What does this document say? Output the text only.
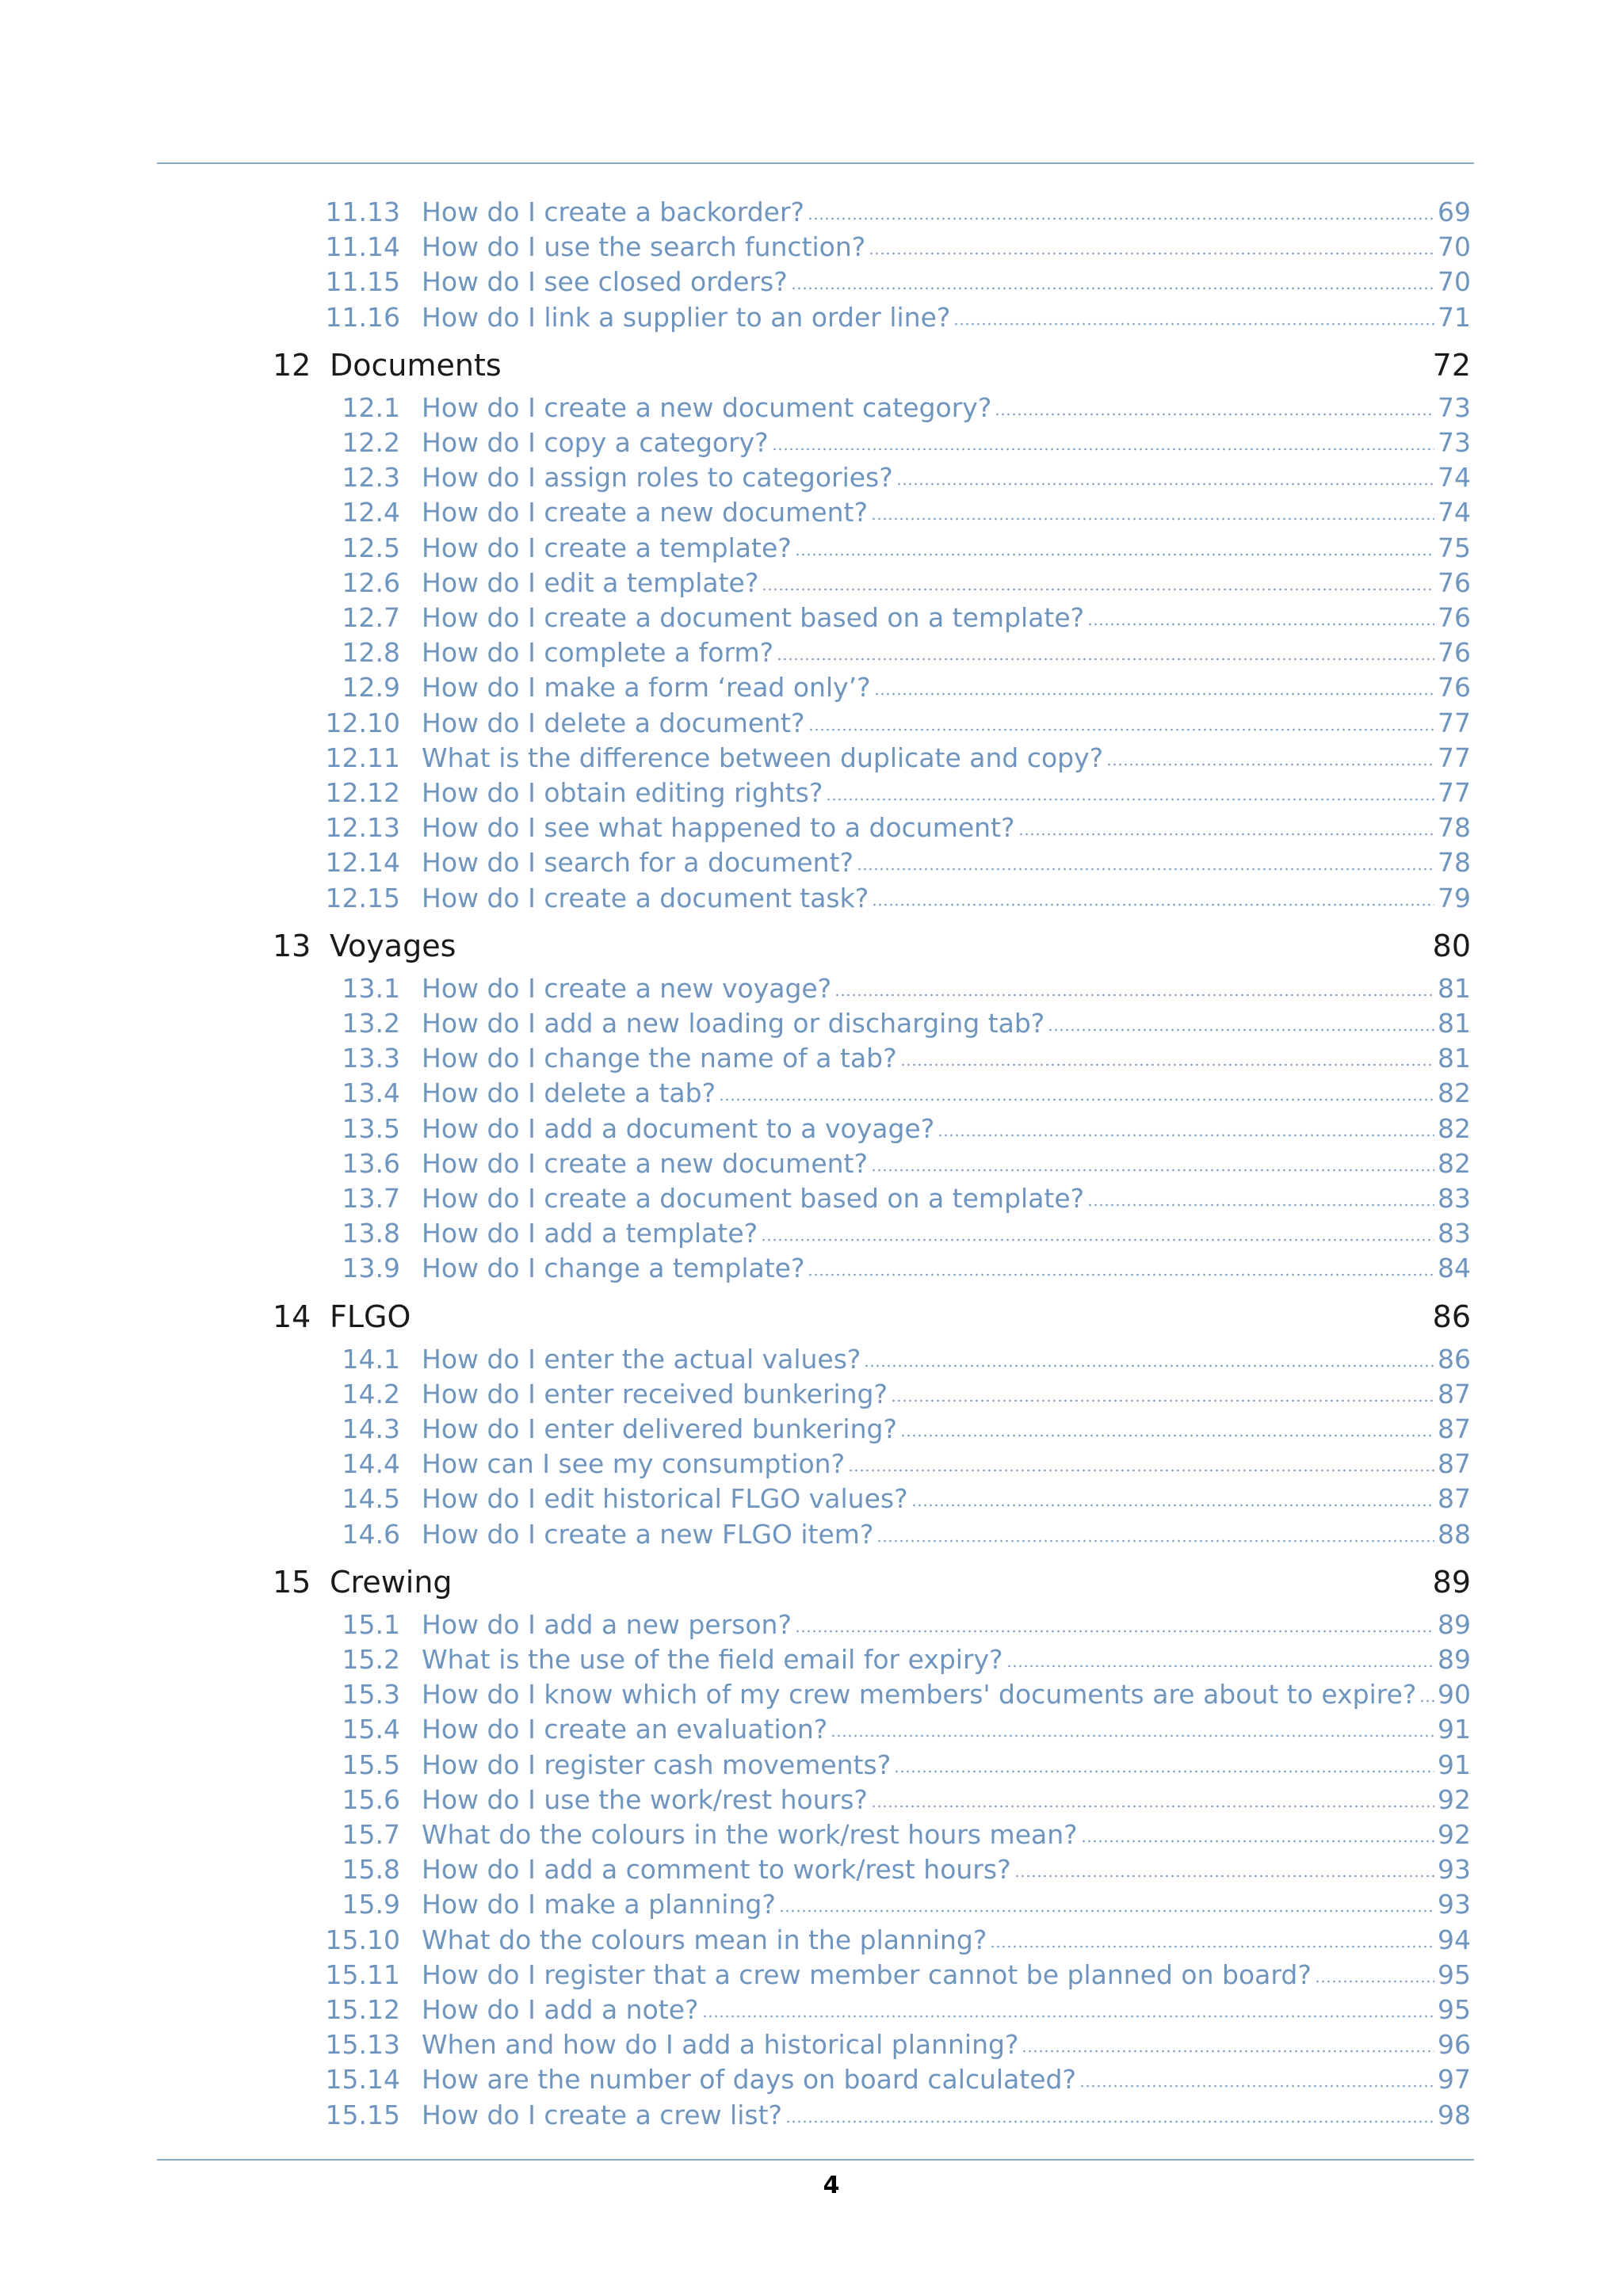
11.13 How do I create a backorder?	69
11.14 How do I use the search function?	70
11.15 How do I see closed orders?	70
11.16 How do I link a supplier to an order line?	71
12 Documents	72
12.1 How do I create a new document category?	73
12.2 How do I copy a category?	73
12.3 How do I assign roles to categories?	74
12.4 How do I create a new document?	74
12.5 How do I create a template?	75
12.6 How do I edit a template?	76
12.7 How do I create a document based on a template?	76
12.8 How do I complete a form?	76
12.9 How do I make a form ‘read only’?	76
12.10 How do I delete a document?	77
12.11 What is the difference between duplicate and copy?	77
12.12 How do I obtain editing rights?	77
12.13 How do I see what happened to a document?	78
12.14 How do I search for a document?	78
12.15 How do I create a document task?	79
13 Voyages	80
13.1 How do I create a new voyage?	81
13.2 How do I add a new loading or discharging tab?	81
13.3 How do I change the name of a tab?	81
13.4 How do I delete a tab?	82
13.5 How do I add a document to a voyage?	82
13.6 How do I create a new document?	82
13.7 How do I create a document based on a template?	83
13.8 How do I add a template?	83
13.9 How do I change a template?	84
14 FLGO	86
14.1 How do I enter the actual values?	86
14.2 How do I enter received bunkering?	87
14.3 How do I enter delivered bunkering?	87
14.4 How can I see my consumption?	87
14.5 How do I edit historical FLGO values?	87
14.6 How do I create a new FLGO item?	88
15 Crewing	89
15.1 How do I add a new person?	89
15.2 What is the use of the field email for expiry?	89
15.3 How do I know which of my crew members' documents are about to expire? 90
15.4 How do I create an evaluation?	91
15.5 How do I register cash movements?	91
15.6 How do I use the work/rest hours?	92
15.7 What do the colours in the work/rest hours mean?	92
15.8 How do I add a comment to work/rest hours?	93
15.9 How do I make a planning?	93
15.10 What do the colours mean in the planning?	94
15.11 How do I register that a crew member cannot be planned on board?	95
15.12 How do I add a note?	95
15.13 When and how do I add a historical planning?	96
15.14 How are the number of days on board calculated?	97
15.15 How do I create a crew list?	98
4
